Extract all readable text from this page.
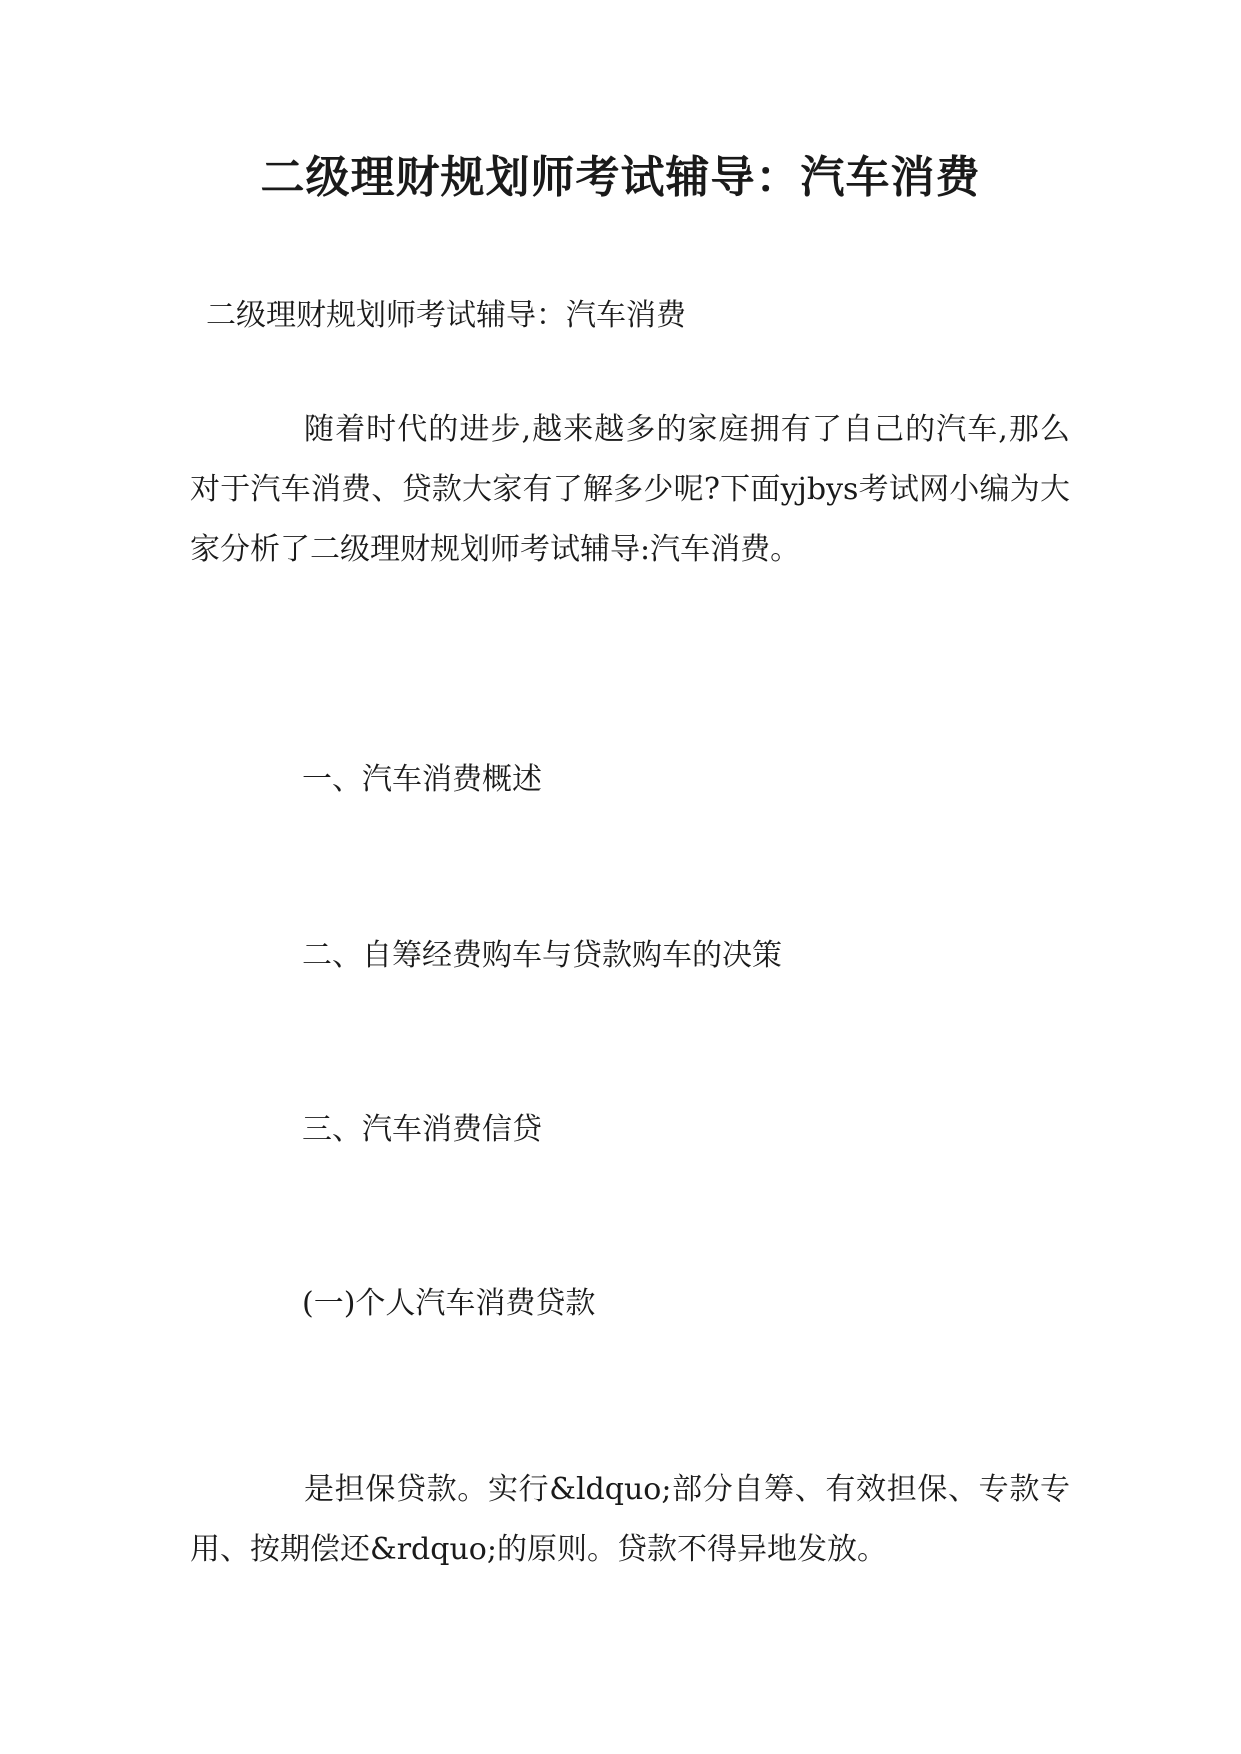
二级理财规划师考试辅导：汽车消费

二级理财规划师考试辅导：汽车消费

随着时代的进步,越来越多的家庭拥有了自己的汽车,那么对于汽车消费、贷款大家有了解多少呢?下面yjbys考试网小编为大家分析了二级理财规划师考试辅导:汽车消费。

一、汽车消费概述

二、自筹经费购车与贷款购车的决策

三、汽车消费信贷

(一)个人汽车消费贷款

是担保贷款。实行&ldquo;部分自筹、有效担保、专款专用、按期偿还&rdquo;的原则。贷款不得异地发放。
